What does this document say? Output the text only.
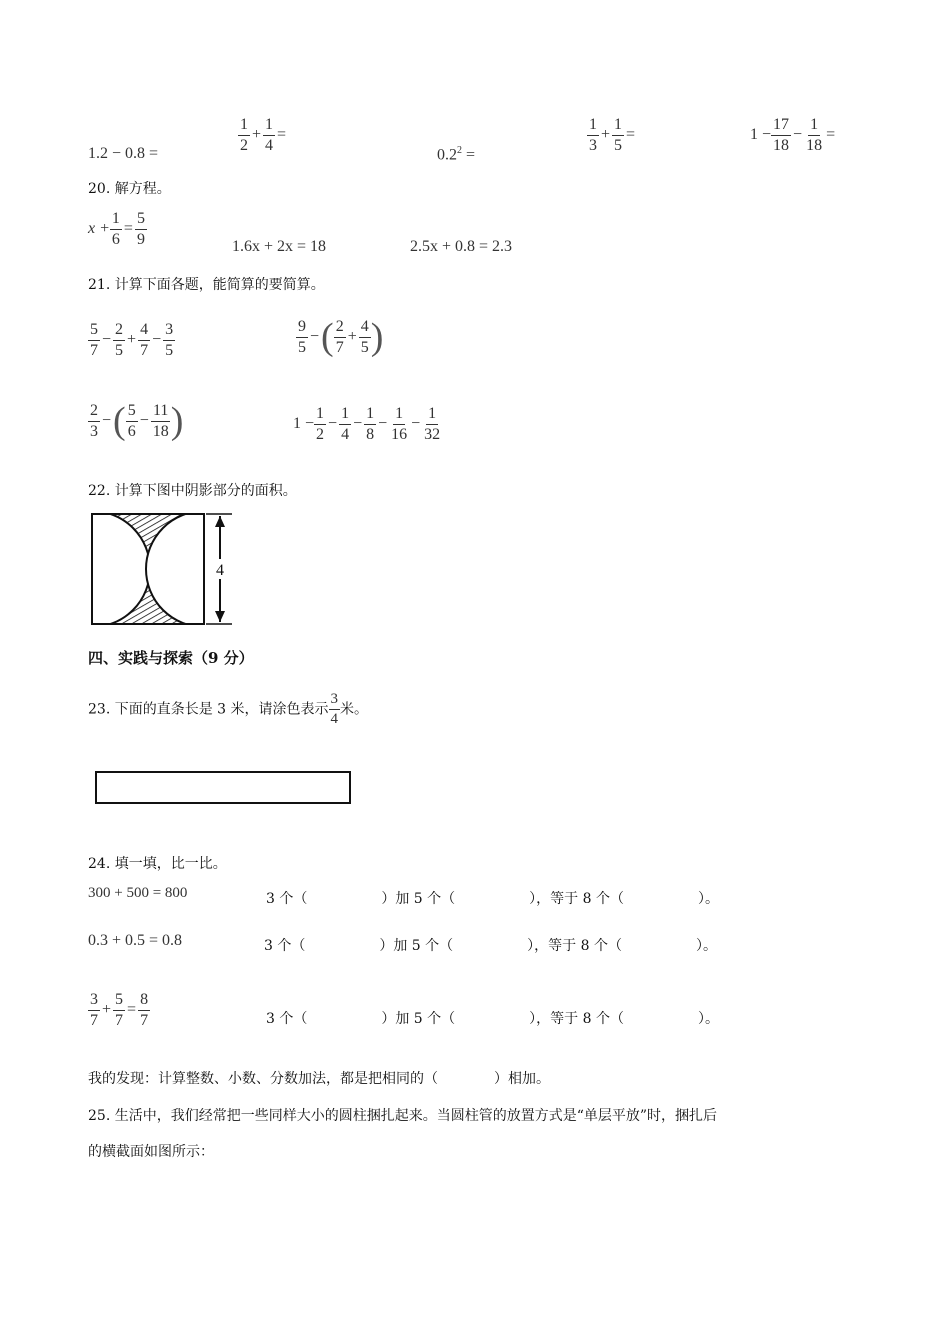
1.2 − 0.8 =	$\frac{1}{2} + \frac{1}{4}$ =
$0.2^2$ =
$\frac{1}{3} + \frac{1}{5}$ =	$1 - \frac{17}{18} - \frac{1}{18}$ =
20. 解方程。
$x + \frac{1}{6} = \frac{5}{9}$	1.6x + 2x = 18	2.5x + 0.8 = 2.3
21. 计算下面各题，能简算的要简算。
$\frac{5}{7} - \frac{2}{5} + \frac{4}{7} - \frac{3}{5}$	$\frac{9}{5}$ −( $\frac{2}{7} + \frac{4}{5}$ )
$\frac{2}{3}$ −( $\frac{5}{6} - \frac{11}{18}$ )	$1 - \frac{1}{2} - \frac{1}{4} - \frac{1}{8} - \frac{1}{16} - \frac{1}{32}$
22. 计算下图中阴影部分的面积。
4
四、实践与探索（9 分）
23. 下面的直条长是 3 米，请涂色表示 $\frac{3}{4}$ 米。
24. 填一填，比一比。
300 + 500 = 800	3 个（	）加 5 个（	），等于 8 个（	）。
0.3 + 0.5 = 0.8	3 个（	）加 5 个（	），等于 8 个（	）。
$\frac{3}{7} + \frac{5}{7} = \frac{8}{7}$	3 个（	）加 5 个（	），等于 8 个（	）。
我的发现：计算整数、小数、分数加法，都是把相同的（　　　　）相加。
25. 生活中，我们经常把一些同样大小的圆柱捆扎起来。当圆柱管的放置方式是“单层平放”时，捆扎后
的横截面如图所示：
